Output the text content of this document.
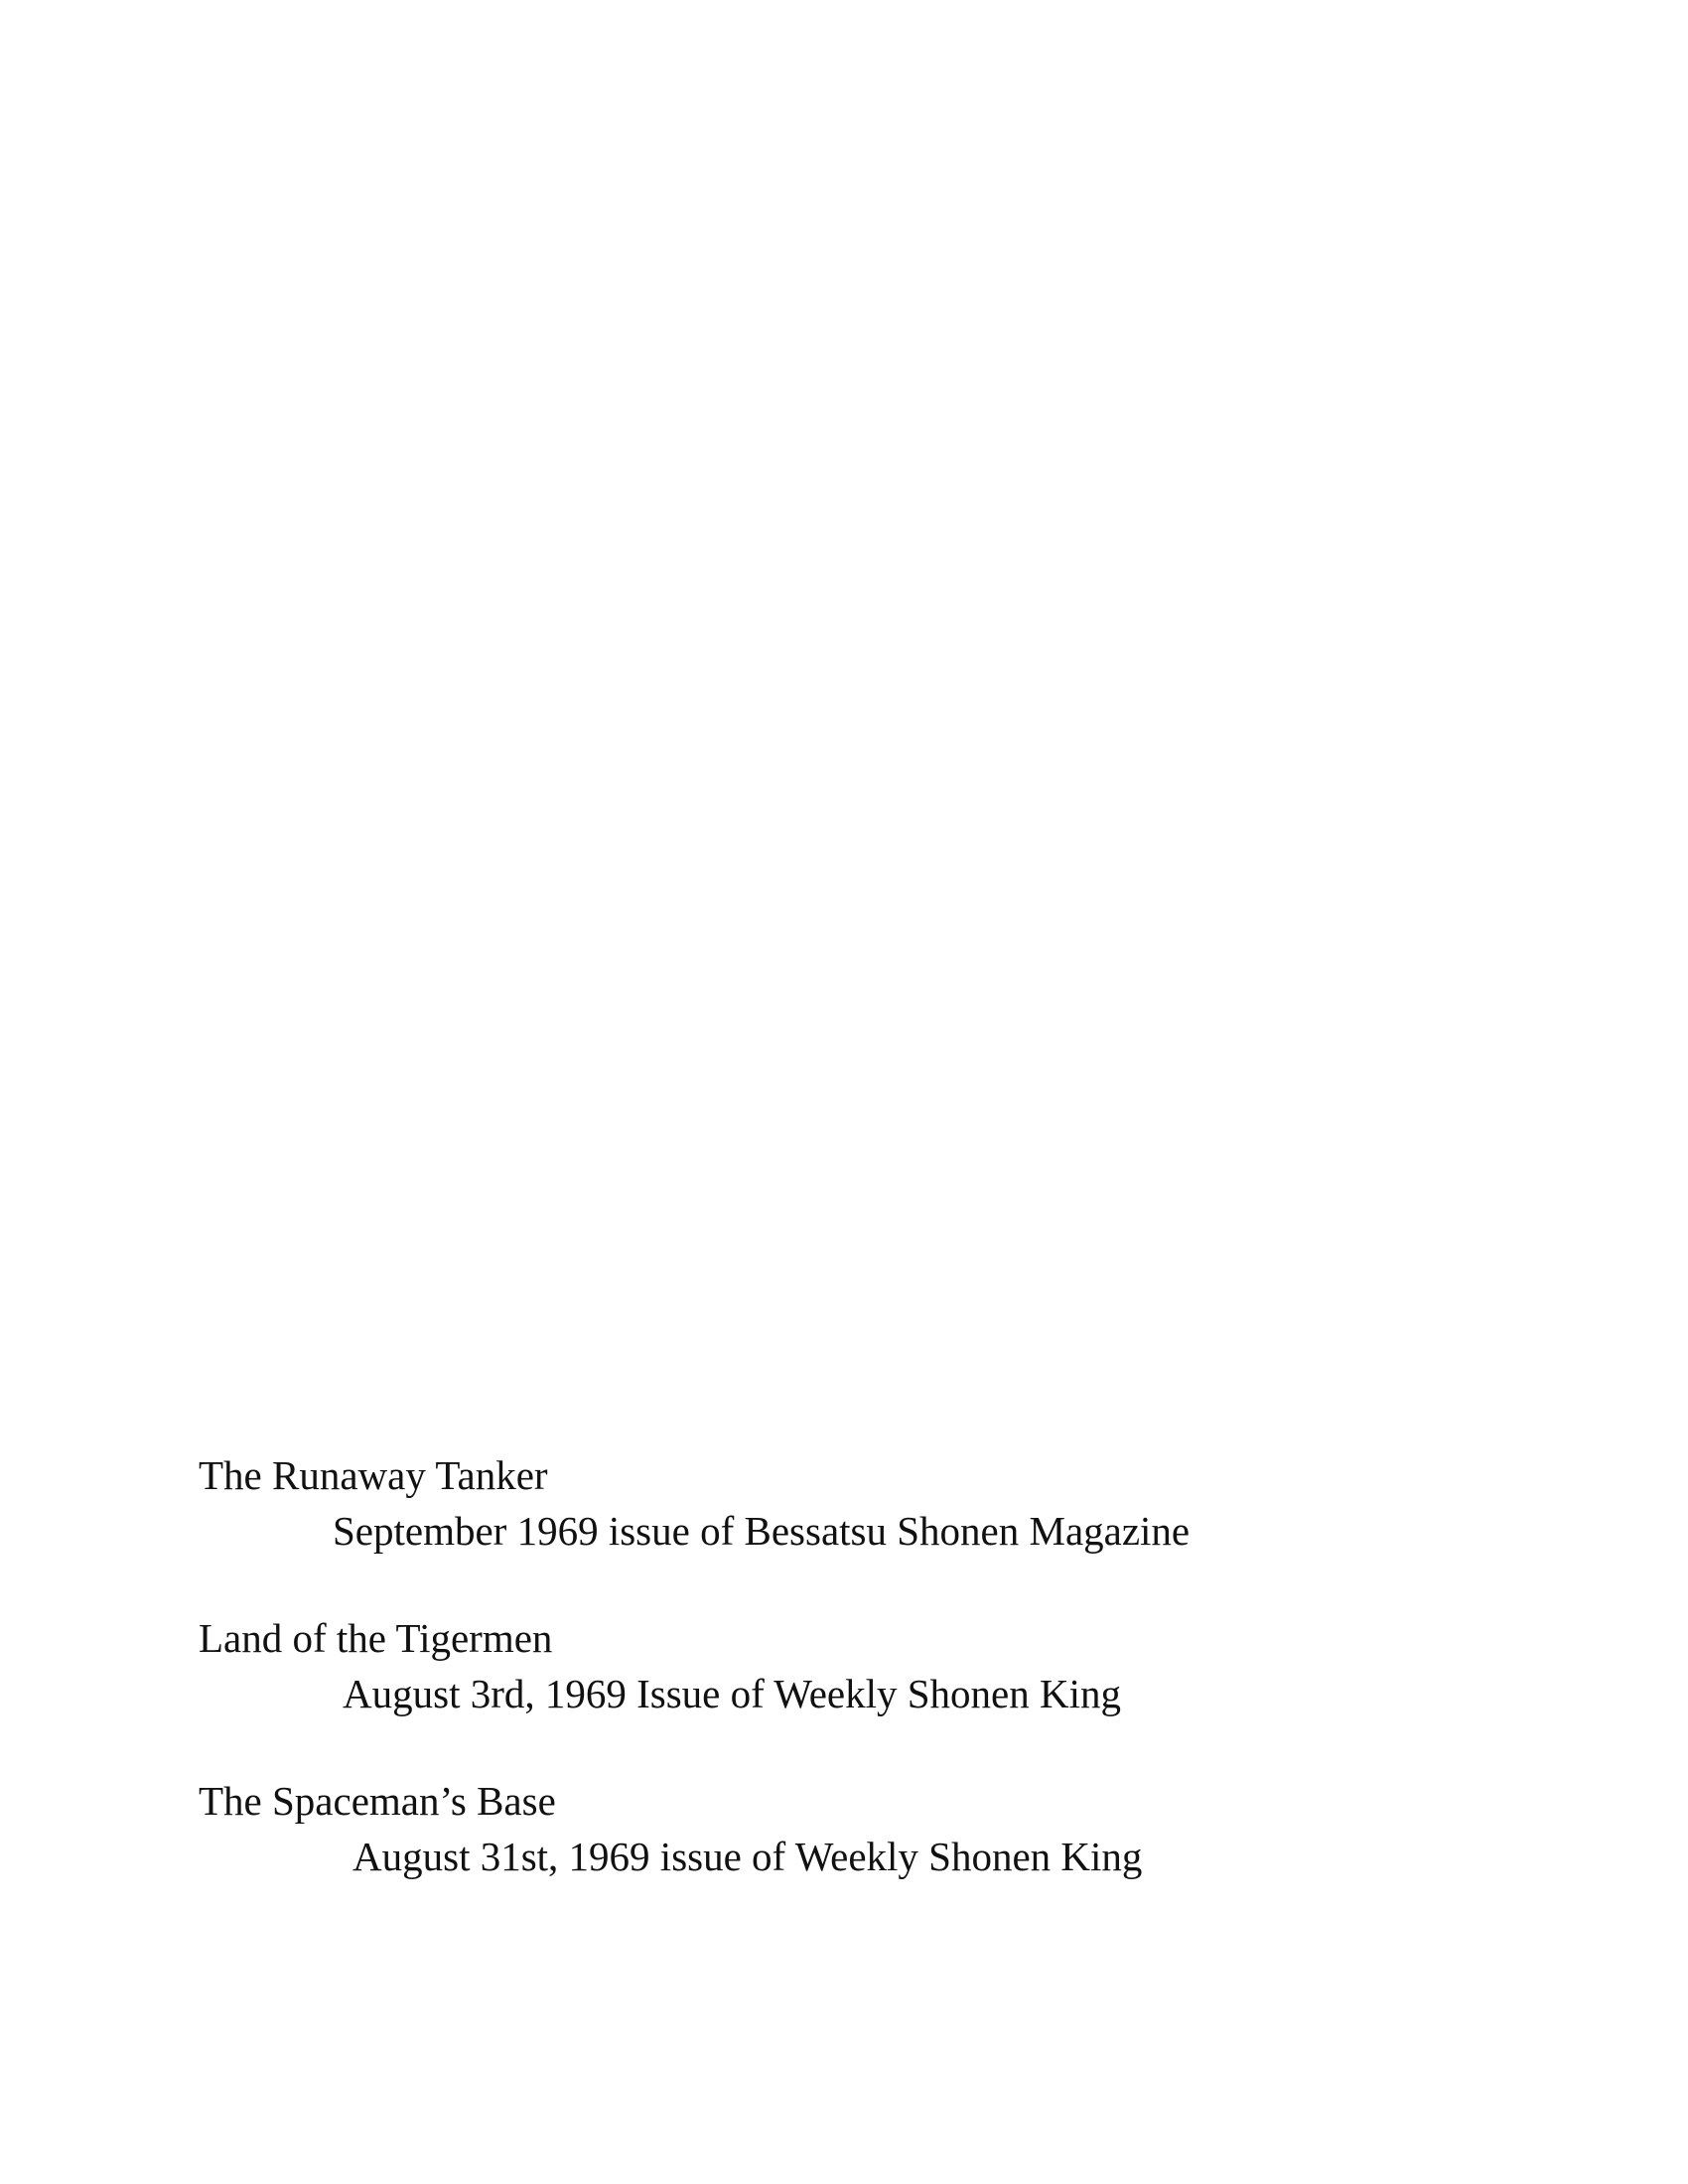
The Runaway Tanker
September 1969 issue of Bessatsu Shonen Magazine
Land of the Tigermen
August 3rd, 1969 Issue of Weekly Shonen King
The Spaceman’s Base
August 31st, 1969 issue of Weekly Shonen King
